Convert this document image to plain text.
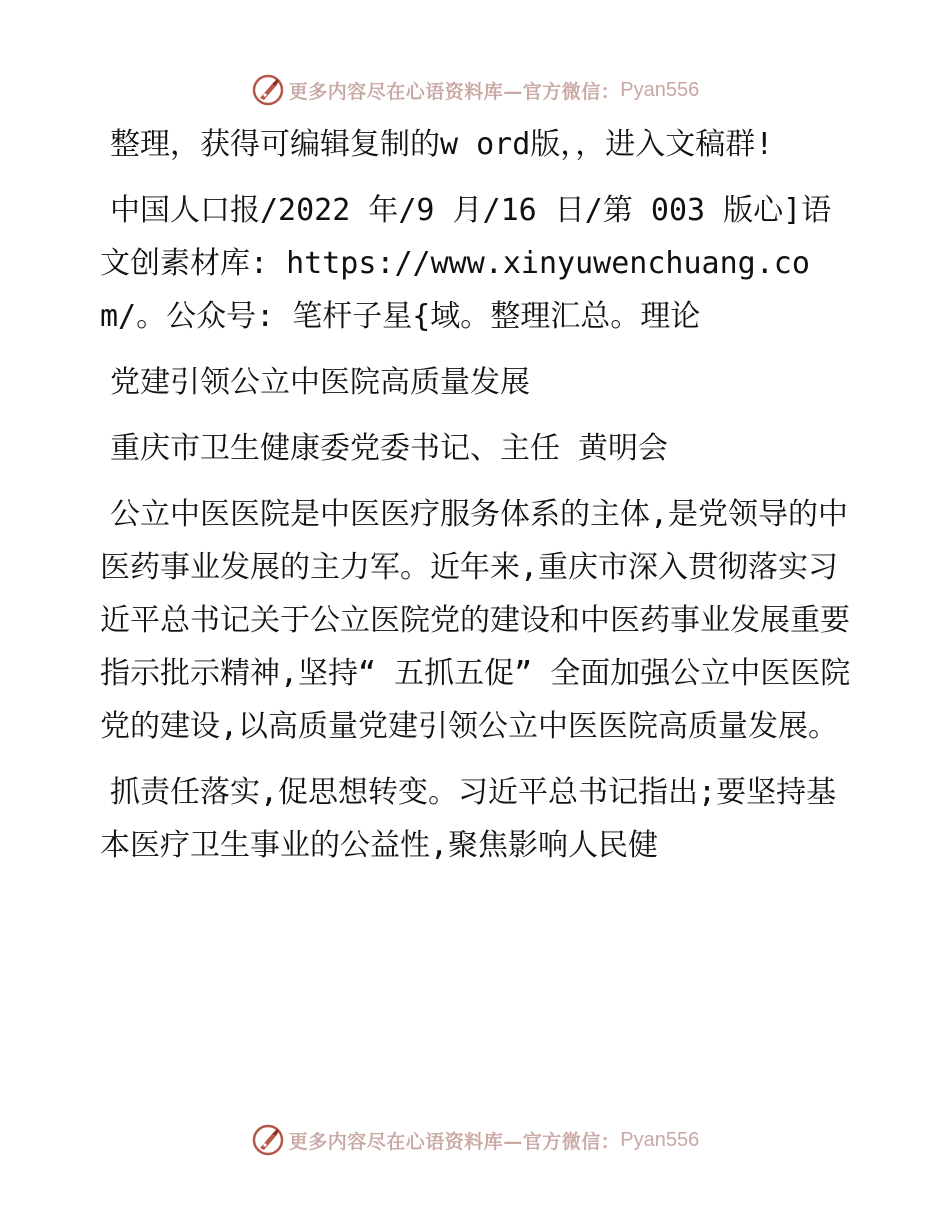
更多内容尽在心语资料库—官方微信： Pyan556

整理，获得可编辑复制的w ord版，，进入文稿群!

中国人口报/2022 年/9 月/16 日/第 003 版心]语文创素材库: https://www.xinyuwenchuang.com/。公众号: 笔杆子星{域。整理汇总。理论

党建引领公立中医院高质量发展

重庆市卫生健康委党委书记、主任 黄明会

公立中医医院是中医医疗服务体系的主体,是党领导的中医药事业发展的主力军。近年来,重庆市深入贯彻落实习近平总书记关于公立医院党的建设和中医药事业发展重要指示批示精神,坚持“ 五抓五促” 全面加强公立中医医院党的建设,以高质量党建引领公立中医医院高质量发展。

抓责任落实,促思想转变。习近平总书记指出;要坚持基本医疗卫生事业的公益性,聚焦影响人民健

更多内容尽在心语资料库—官方微信： Pyan556
